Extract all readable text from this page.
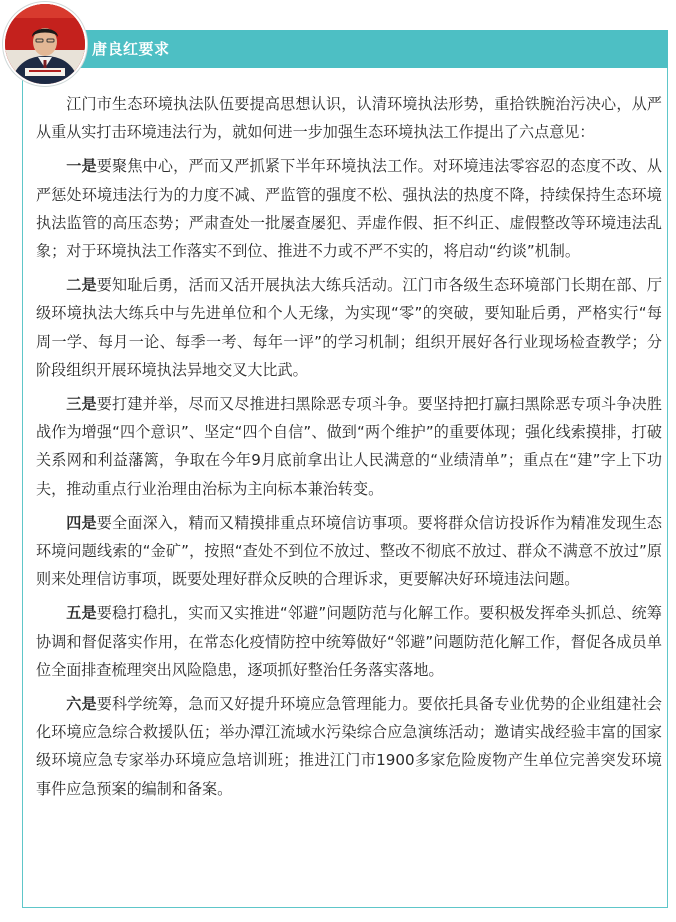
唐良红要求

江门市生态环境执法队伍要提高思想认识，认清环境执法形势，重拾铁腕治污决心，从严从重从实打击环境违法行为，就如何进一步加强生态环境执法工作提出了六点意见：

一是要聚焦中心，严而又严抓紧下半年环境执法工作。对环境违法零容忍的态度不改、从严惩处环境违法行为的力度不减、严监管的强度不松、强执法的热度不降，持续保持生态环境执法监管的高压态势；严肃查处一批屡查屡犯、弄虚作假、拒不纠正、虚假整改等环境违法乱象；对于环境执法工作落实不到位、推进不力或不严不实的，将启动“约谈”机制。

二是要知耻后勇，活而又活开展执法大练兵活动。江门市各级生态环境部门长期在部、厅级环境执法大练兵中与先进单位和个人无缘，为实现“零”的突破，要知耻后勇，严格实行“每周一学、每月一论、每季一考、每年一评”的学习机制；组织开展好各行业现场检查教学；分阶段组织开展环境执法异地交叉大比武。

三是要打建并举，尽而又尽推进扫黑除恶专项斗争。要坚持把打赢扫黑除恶专项斗争决胜战作为增强“四个意识”、坚定“四个自信”、做到“两个维护”的重要体现；强化线索摸排，打破关系网和利益藩篱，争取在今年9月底前拿出让人民满意的“业绩清单”；重点在“建”字上下功夫，推动重点行业治理由治标为主向标本兼治转变。

四是要全面深入，精而又精摸排重点环境信访事项。要将群众信访投诉作为精准发现生态环境问题线索的“金矿”，按照“查处不到位不放过、整改不彻底不放过、群众不满意不放过”原则来处理信访事项，既要处理好群众反映的合理诉求，更要解决好环境违法问题。

五是要稳打稳扎，实而又实推进“邻避”问题防范与化解工作。要积极发挥牵头抓总、统筹协调和督促落实作用，在常态化疫情防控中统筹做好“邻避”问题防范化解工作，督促各成员单位全面排查梳理突出风险隐患，逐项抓好整治任务落实落地。

六是要科学统筹，急而又好提升环境应急管理能力。要依托具备专业优势的企业组建社会化环境应急综合救援队伍；举办潭江流域水污染综合应急演练活动；邀请实战经验丰富的国家级环境应急专家举办环境应急培训班；推进江门市1900多家危险废物产生单位完善突发环境事件应急预案的编制和备案。
